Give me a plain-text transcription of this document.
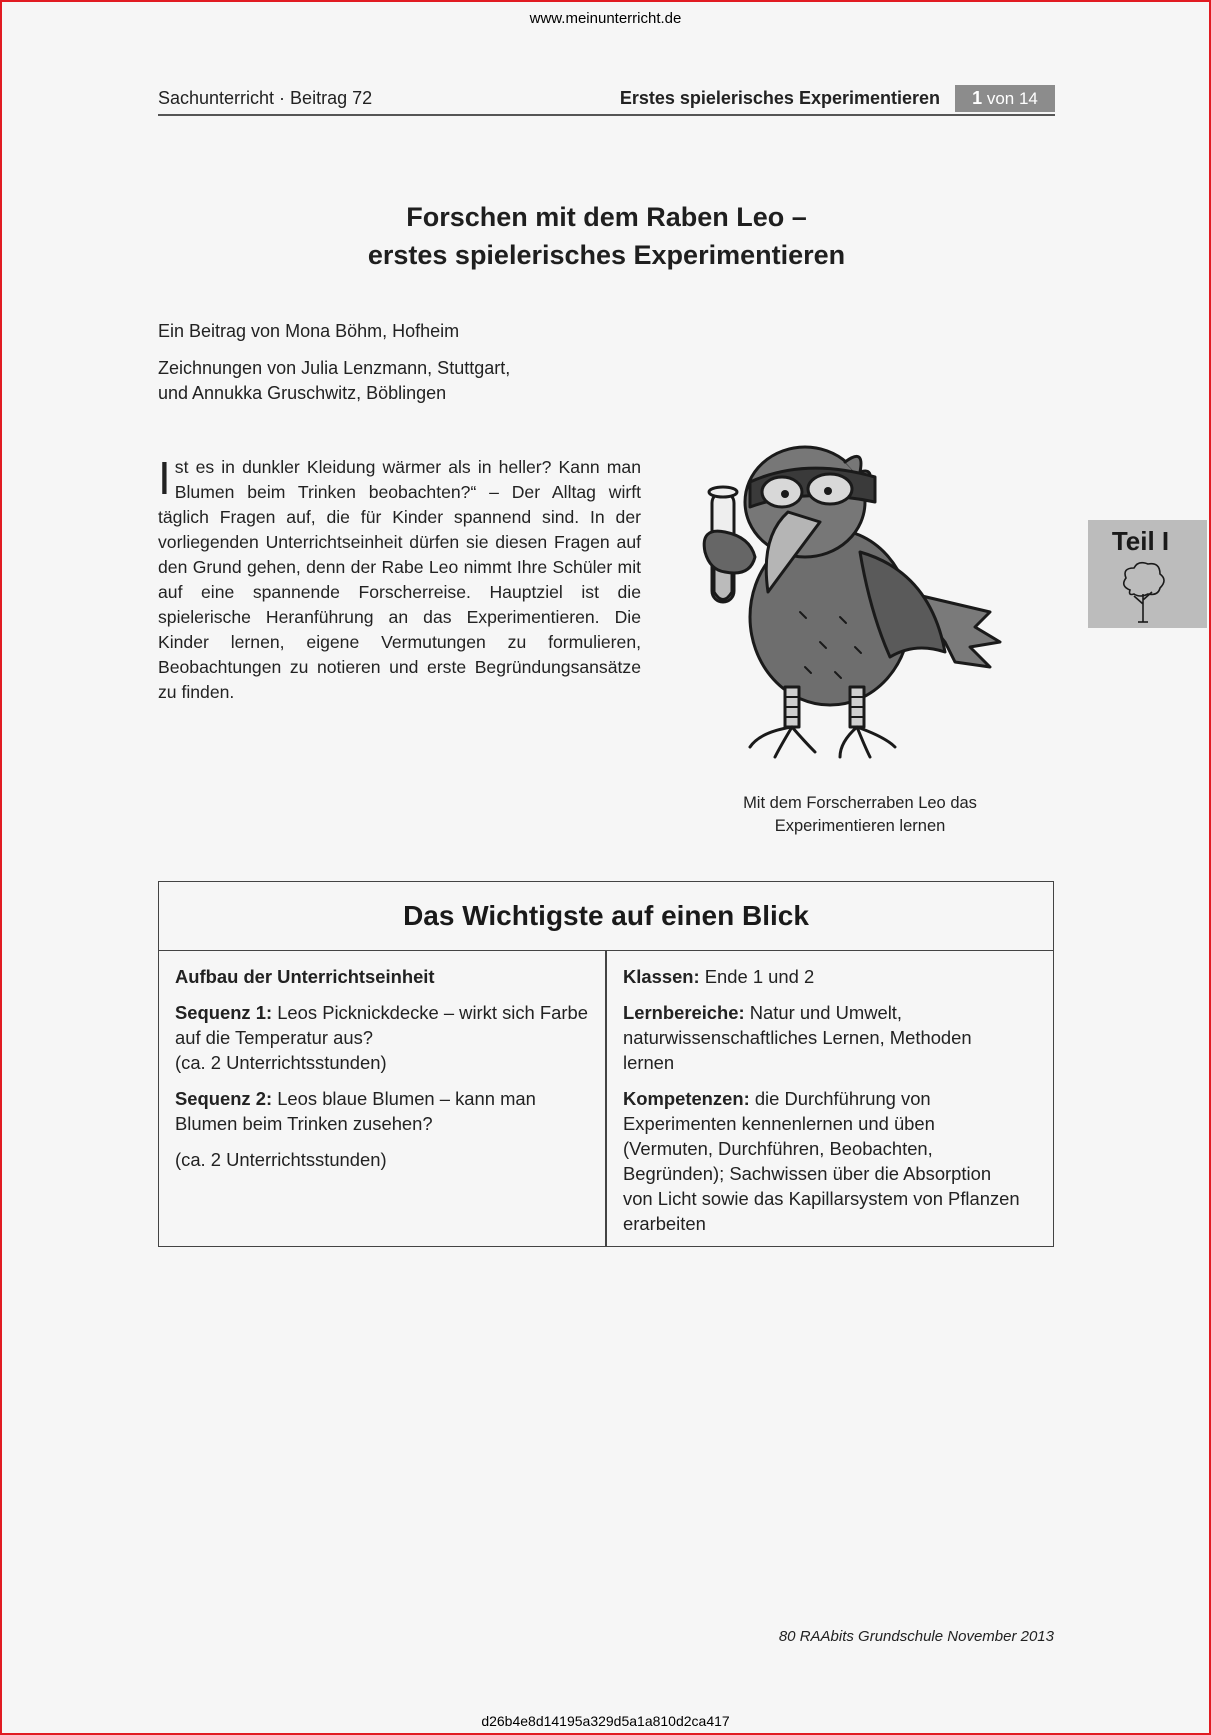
www.meinunterricht.de
Sachunterricht · Beitrag 72	Erstes spielerisches Experimentieren	1 von 14
Forschen mit dem Raben Leo –
erstes spielerisches Experimentieren
Ein Beitrag von Mona Böhm, Hofheim
Zeichnungen von Julia Lenzmann, Stuttgart,
und Annukka Gruschwitz, Böblingen
Ist es in dunkler Kleidung wärmer als in heller? Kann man Blumen beim Trinken beobachten?“ – Der Alltag wirft täglich Fragen auf, die für Kinder spannend sind. In der vorliegenden Unterrichtseinheit dürfen sie diesen Fragen auf den Grund gehen, denn der Rabe Leo nimmt Ihre Schüler mit auf eine spannende Forscherreise. Hauptziel ist die spielerische Heranführung an das Experimentieren. Die Kinder lernen, eigene Vermutungen zu formulieren, Beobachtungen zu notieren und erste Begründungsansätze zu finden.
Mit dem Forscherraben Leo das
Experimentieren lernen
Teil I
Das Wichtigste auf einen Blick

Aufbau der Unterrichtseinheit

Sequenz 1: Leos Picknickdecke – wirkt sich Farbe auf die Temperatur aus?
(ca. 2 Unterrichtsstunden)

Sequenz 2: Leos blaue Blumen – kann man Blumen beim Trinken zusehen?

(ca. 2 Unterrichtsstunden)

Klassen: Ende 1 und 2

Lernbereiche: Natur und Umwelt, naturwissenschaftliches Lernen, Methoden lernen

Kompetenzen: die Durchführung von Experimenten kennenlernen und üben (Vermuten, Durchführen, Beobachten, Begründen); Sachwissen über die Absorption von Licht sowie das Kapillarsystem von Pflanzen erarbeiten

80 RAAbits Grundschule November 2013
d26b4e8d14195a329d5a1a810d2ca417
